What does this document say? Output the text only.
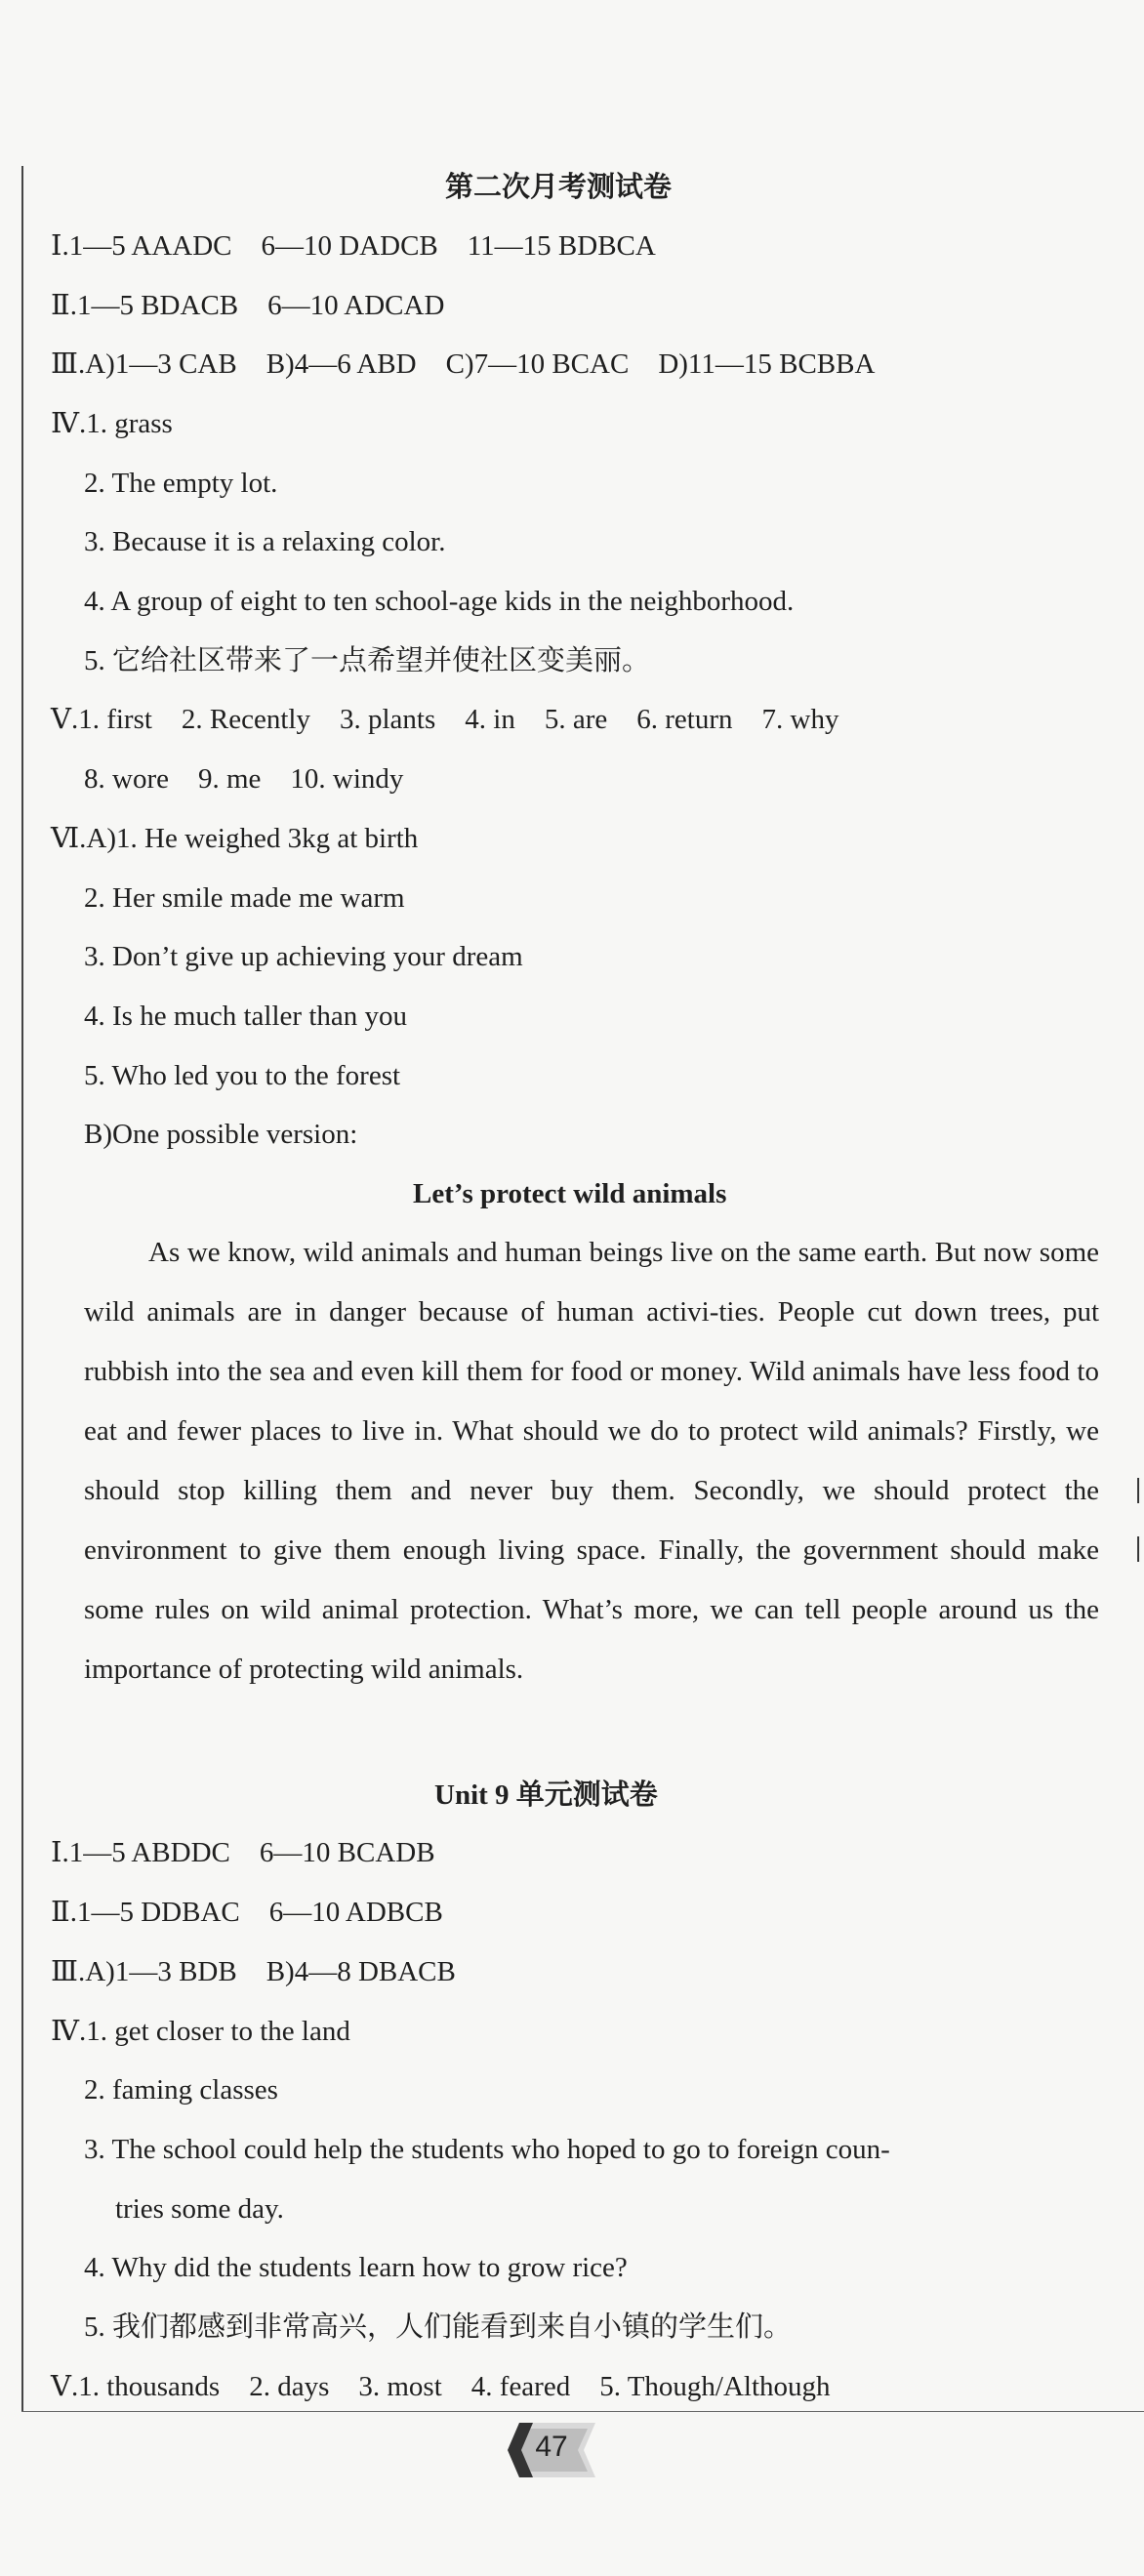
第二次月考测试卷
Ⅰ.1—5 AAADC 6—10 DADCB 11—15 BDBCA
Ⅱ.1—5 BDACB 6—10 ADCAD
Ⅲ.A)1—3 CAB B)4—6 ABD C)7—10 BCAC D)11—15 BCBBA
Ⅳ.1. grass
2. The empty lot.
3. Because it is a relaxing color.
4. A group of eight to ten school-age kids in the neighborhood.
5. 它给社区带来了一点希望并使社区变美丽。
Ⅴ.1. first 2. Recently 3. plants 4. in 5. are 6. return 7. why
8. wore 9. me 10. windy
Ⅵ.A)1. He weighed 3kg at birth
2. Her smile made me warm
3. Don’t give up achieving your dream
4. Is he much taller than you
5. Who led you to the forest
B)One possible version:
Let’s protect wild animals
As we know, wild animals and human beings live on the same earth. But now some wild animals are in danger because of human activi-ties. People cut down trees, put rubbish into the sea and even kill them for food or money. Wild animals have less food to eat and fewer places to live in. What should we do to protect wild animals? Firstly, we should stop killing them and never buy them. Secondly, we should protect the environment to give them enough living space. Finally, the government should make some rules on wild animal protection. What’s more, we can tell people around us the importance of protecting wild animals.
Unit 9 单元测试卷
Ⅰ.1—5 ABDDC 6—10 BCADB
Ⅱ.1—5 DDBAC 6—10 ADBCB
Ⅲ.A)1—3 BDB B)4—8 DBACB
Ⅳ.1. get closer to the land
2. faming classes
3. The school could help the students who hoped to go to foreign coun-
tries some day.
4. Why did the students learn how to grow rice?
5. 我们都感到非常高兴，人们能看到来自小镇的学生们。
Ⅴ.1. thousands 2. days 3. most 4. feared 5. Though/Although
|
|
47
